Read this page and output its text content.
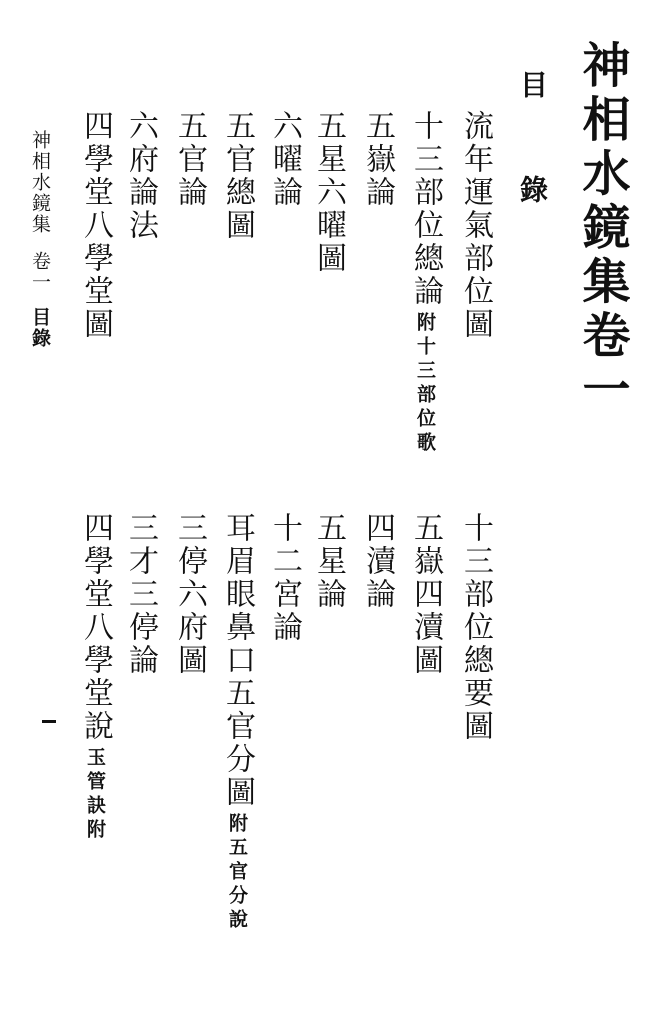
神相水鏡集卷一
目 錄
流年運氣部位圖
十三部位總論附十三部位歌
五嶽論
五星六曜圖
六曜論
五官總圖
五官論
六府論法
四學堂八學堂圖
十三部位總要圖
五嶽四瀆圖
四瀆論
五星論
十二宮論
耳眉眼鼻口五官分圖附五官分說
三停六府圖
三才三停論
四學堂八學堂說玉管訣附
神相水鏡集卷一目錄
